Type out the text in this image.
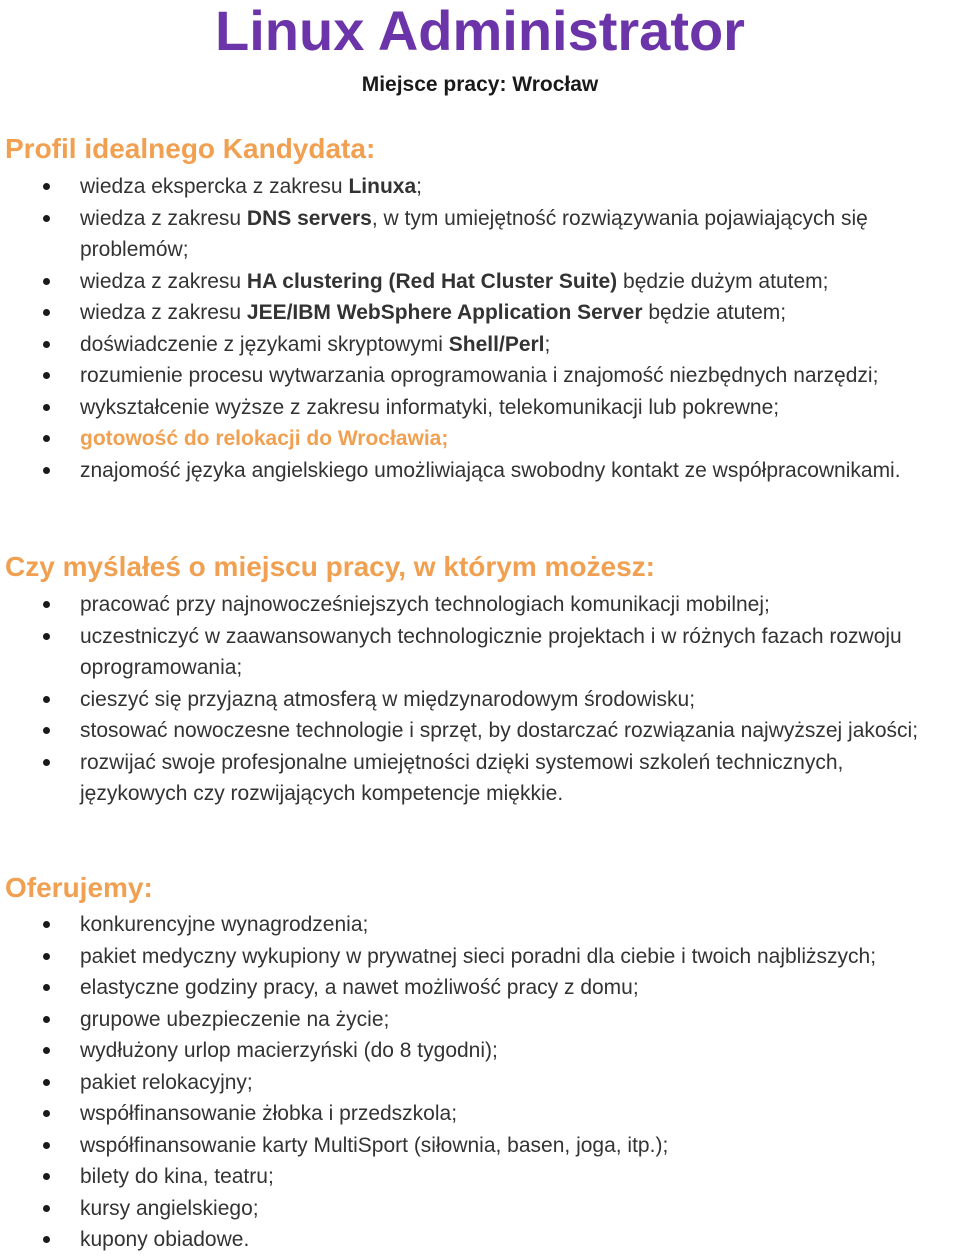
Linux Administrator

Miejsce pracy: Wrocław

Profil idealnego Kandydata:
wiedza ekspercka z zakresu Linuxa;
wiedza z zakresu DNS servers, w tym umiejętność rozwiązywania pojawiających się problemów;
wiedza z zakresu HA clustering (Red Hat Cluster Suite) będzie dużym atutem;
wiedza z zakresu JEE/IBM WebSphere Application Server będzie atutem;
doświadczenie z językami skryptowymi Shell/Perl;
rozumienie procesu wytwarzania oprogramowania i znajomość niezbędnych narzędzi;
wykształcenie wyższe z zakresu informatyki, telekomunikacji lub pokrewne;
gotowość do relokacji do Wrocławia;
znajomość języka angielskiego umożliwiająca swobodny kontakt ze współpracownikami.
Czy myślałeś o miejscu pracy, w którym możesz:
pracować przy najnowocześniejszych technologiach komunikacji mobilnej;
uczestniczyć w zaawansowanych technologicznie projektach i w różnych fazach rozwoju oprogramowania;
cieszyć się przyjazną atmosferą w międzynarodowym środowisku;
stosować nowoczesne technologie i sprzęt, by dostarczać rozwiązania najwyższej jakości;
rozwijać swoje profesjonalne umiejętności dzięki systemowi szkoleń technicznych, językowych czy rozwijających kompetencje miękkie.
Oferujemy:
konkurencyjne wynagrodzenia;
pakiet medyczny wykupiony w prywatnej sieci poradni dla ciebie i twoich najbliższych;
elastyczne godziny pracy, a nawet możliwość pracy z domu;
grupowe ubezpieczenie na życie;
wydłużony urlop macierzyński (do 8 tygodni);
pakiet relokacyjny;
współfinansowanie żłobka i przedszkola;
współfinansowanie karty MultiSport (siłownia, basen, joga, itp.);
bilety do kina, teatru;
kursy angielskiego;
kupony obiadowe.
